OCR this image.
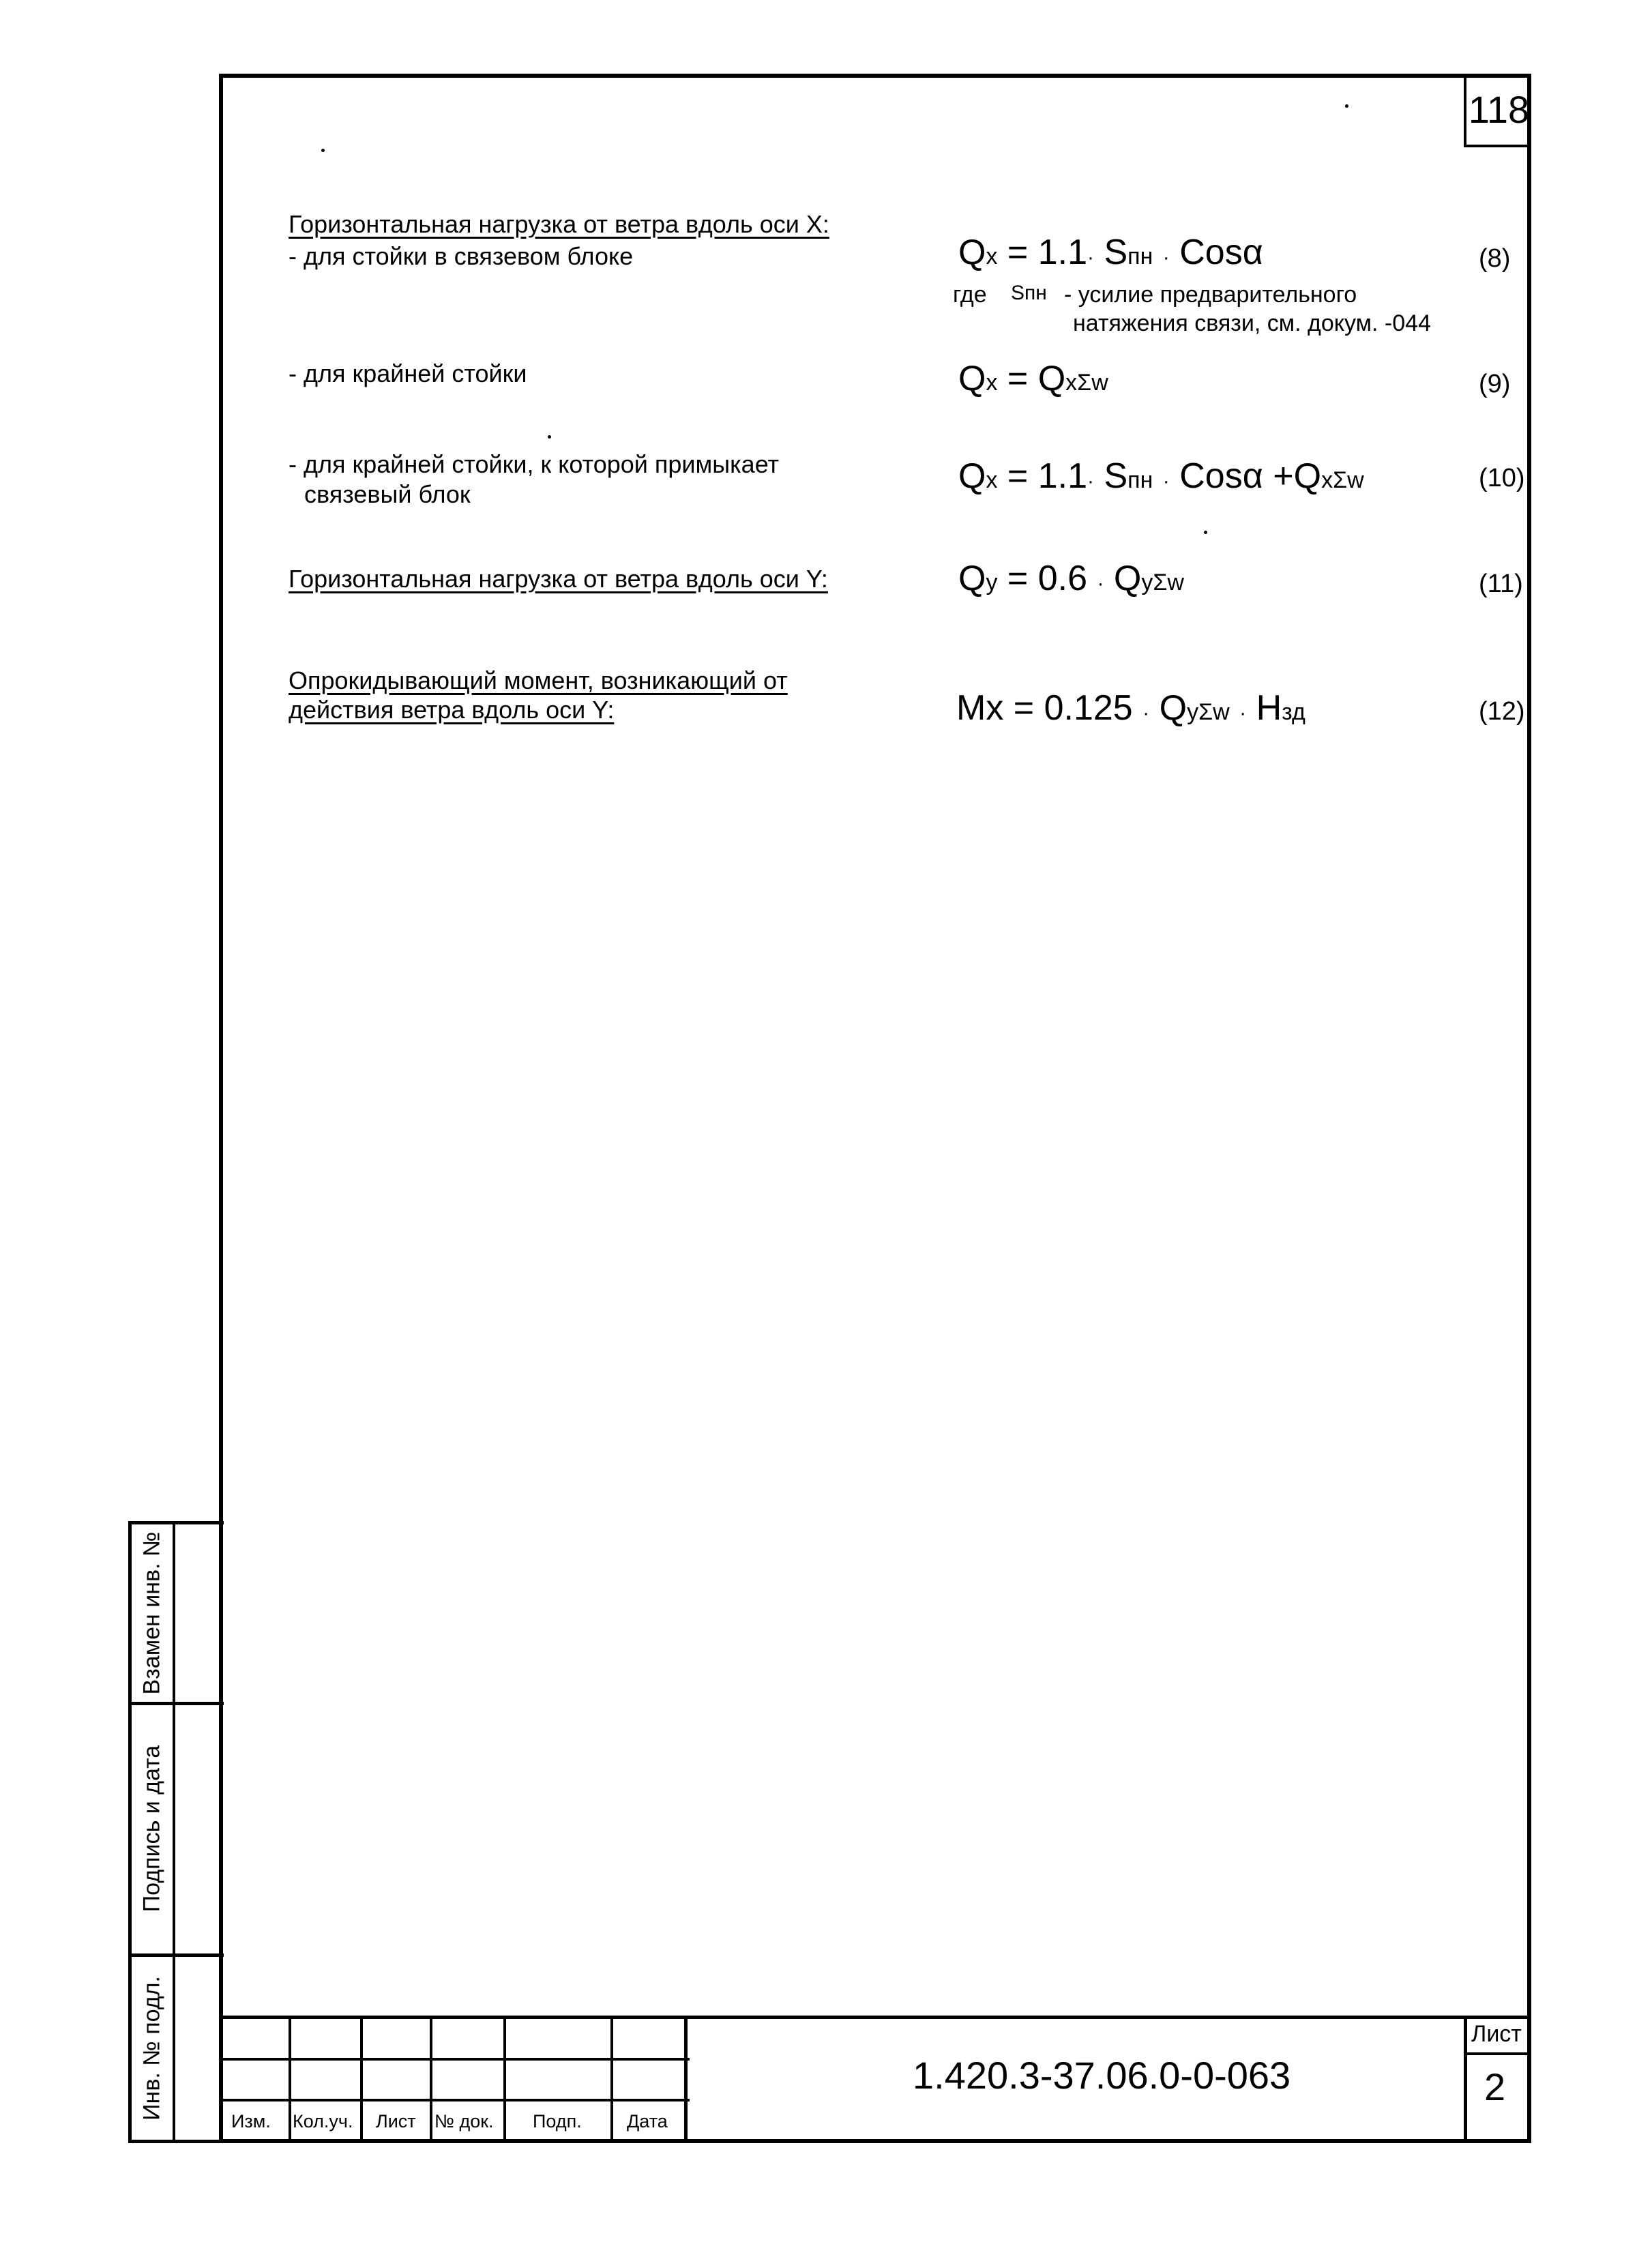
118
Горизонтальная нагрузка от ветра вдоль оси Х:
- для стойки в связевом блоке	Qx = 1.1· Sпн · Cosα	(8)
где Sпн - усилие предварительного
натяжения связи, см. докум. -044
- для крайней стойки	Qx = QxΣw	(9)
- для крайней стойки, к которой примыкает
связевый блок	Qx = 1.1· Sпн · Cosα +QxΣw	(10)
Горизонтальная нагрузка от ветра вдоль оси Y:	Qy = 0.6 · QyΣw	(11)
Опрокидывающий момент, возникающий от
действия ветра вдоль оси Y:	Mx = 0.125 · QyΣw · Hзд	(12)
Взамен инв. №
Подпись и дата
Инв. № подл.
Изм. Кол.уч. Лист № док. Подп. Дата
1.420.3-37.06.0-0-063
Лист
2
